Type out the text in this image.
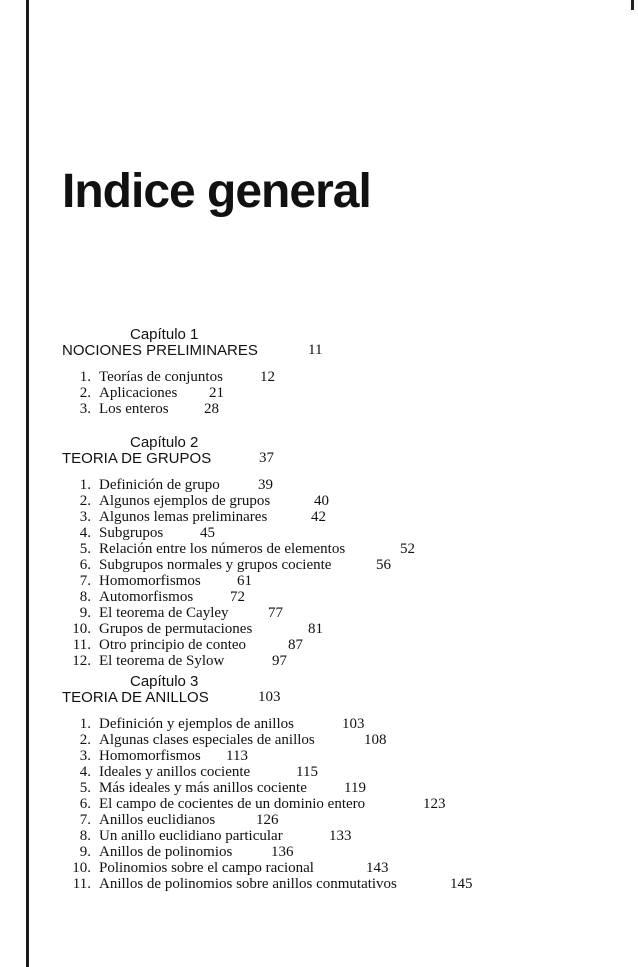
Indice general
Capítulo 1
NOCIONES PRELIMINARES	11
1. Teorías de conjuntos 12
2. Aplicaciones 21
3. Los enteros 28
Capítulo 2
TEORIA DE GRUPOS	37
1. Definición de grupo	39
2. Algunos ejemplos de grupos	40
3. Algunos lemas preliminares	42
4. Subgrupos 45
5. Relación entre los números de elementos	52
6. Subgrupos normales y grupos cociente	56
7. Homomorfismos 61
8. Automorfismos 72
9. El teorema de Cayley	77
10. Grupos de permutaciones	81
11. Otro principio de conteo	87
12. El teorema de Sylow	97
Capítulo 3
TEORIA DE ANILLOS	103
1. Definición y ejemplos de anillos	103
2. Algunas clases especiales de anillos	108
3. Homomorfismos 113
4. Ideales y anillos cociente	115
5. Más ideales y más anillos cociente 119
6. El campo de cocientes de un dominio entero	123
7. Anillos euclidianos	126
8. Un anillo euclidiano particular	133
9. Anillos de polinomios	136
10. Polinomios sobre el campo racional	143
11. Anillos de polinomios sobre anillos conmutativos	145
